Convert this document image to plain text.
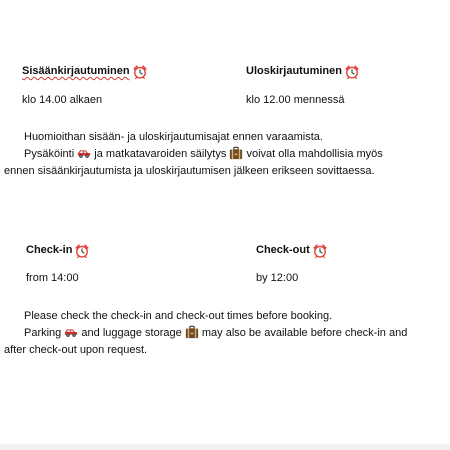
Sisäänkirjautuminen	Uloskirjautuminen
klo 14.00 alkaen	klo 12.00 mennessä
Huomioithan sisään- ja uloskirjautumisajat ennen varaamista.
Pysäköinti ja matkatavaroiden säilytys voivat olla mahdollisia myös
ennen sisäänkirjautumista ja uloskirjautumisen jälkeen erikseen sovittaessa.
Check-in	Check-out
from 14:00	by 12:00
Please check the check-in and check-out times before booking.
Parking and luggage storage may also be available before check-in and
after check-out upon request.
